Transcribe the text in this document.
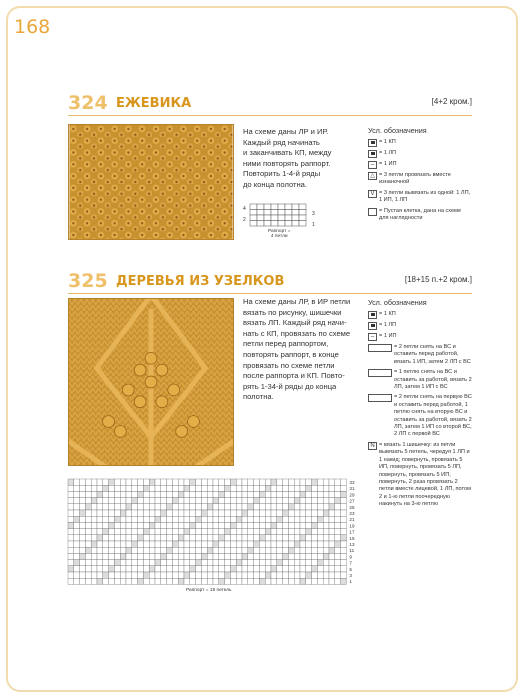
168
324 ЕЖЕВИКА	[4+2 кром.]
На схеме даны ЛР и ИР.
Каждый ряд начинать
и заканчивать КП, между
ними повторять раппорт.
Повторить 1-4-й ряды
до конца полотна.
4
2
3
1
Раппорт =
4 петли
Усл. обозначения
= 1 КП
= 1 ЛП
– = 1 ИП
△ = 3 петли провязать вместе изнаночной
V = 3 петли вывязать из одной: 1 ЛП, 1 ИП, 1 ЛП
= Пустая клетка, дана на схеме для наглядности
325 ДЕРЕВЬЯ ИЗ УЗЕЛКОВ	[18+15 п.+2 кром.]
На схеме даны ЛР, в ИР петли
вязать по рисунку, шишечки
вязать ЛП. Каждый ряд начи-
нать с КП, провязать по схеме
петли перед раппортом,
повторять раппорт, в конце
провязать по схеме петли
после раппорта и КП. Повто-
рять 1-34-й ряды до конца
полотна.
Усл. обозначения
= 1 КП
= 1 ЛП
– = 1 ИП
= 2 петли снять на ВС и оставить перед работой, вязать 1 ИП, затем 2 ЛП с ВС
= 1 петлю снять на ВС и оставить за работой, вязать 2 ЛП, затем 1 ИП с ВС
= 2 петли снять на первую ВС и оставить перед работой, 1 петлю снять на вторую ВС и оставить за работой, вязать 2 ЛП, затем 1 ИП со второй ВС, 2 ЛП с первой ВС
N = вязать 1 шишечку: из петли вывязать 5 петель, чередуя 1 ЛП и 1 накид; повернуть, провязать 5 ИП, повернуть, провязать 5 ЛП, повернуть, провязать 5 ИП, повернуть, 2 раза провязать 2 петли вместе лицевой, 1 ЛП, потом 2 и 1-ю петли поочередную накинуть на 3-ю петлю
33
31
29
27
25
23
21
19
17
15
13
11
9
7
5
3
1
Раппорт = 18 петель
